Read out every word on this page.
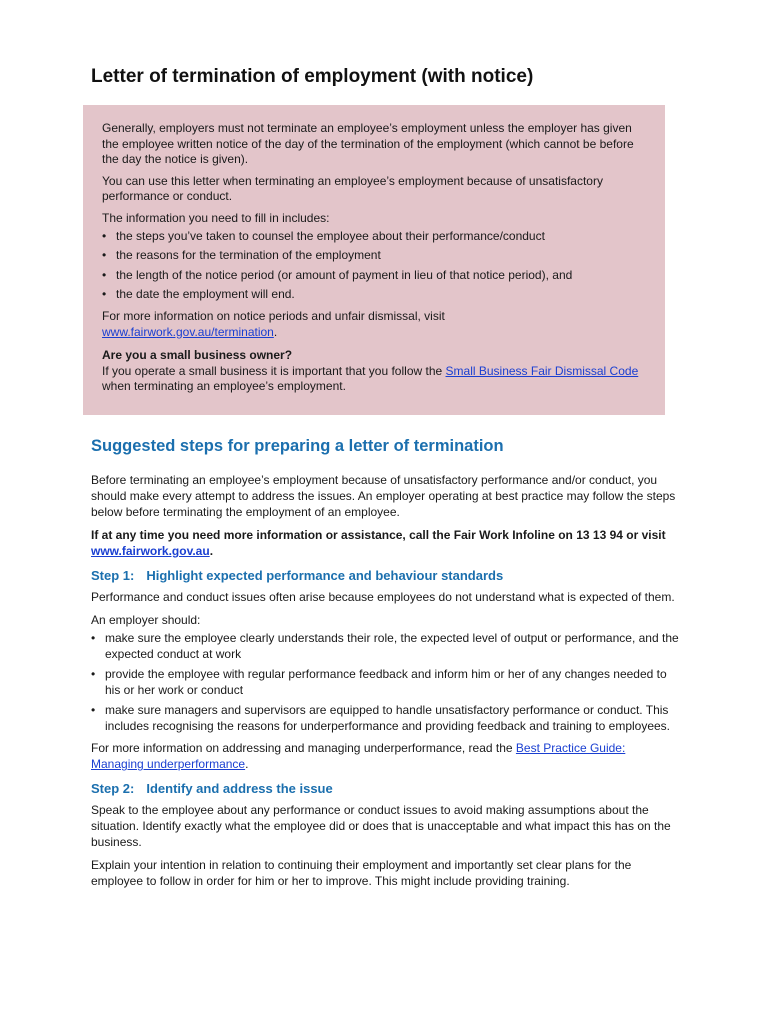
Letter of termination of employment (with notice)

Generally, employers must not terminate an employee’s employment unless the employer has given the employee written notice of the day of the termination of the employment (which cannot be before the day the notice is given).

You can use this letter when terminating an employee’s employment because of unsatisfactory performance or conduct.

The information you need to fill in includes:

• the steps you’ve taken to counsel the employee about their performance/conduct
• the reasons for the termination of the employment
• the length of the notice period (or amount of payment in lieu of that notice period), and
• the date the employment will end.

For more information on notice periods and unfair dismissal, visit
www.fairwork.gov.au/termination.

Are you a small business owner?
If you operate a small business it is important that you follow the Small Business Fair Dismissal Code when terminating an employee’s employment.

Suggested steps for preparing a letter of termination

Before terminating an employee’s employment because of unsatisfactory performance and/or conduct, you should make every attempt to address the issues. An employer operating at best practice may follow the steps below before terminating the employment of an employee.

If at any time you need more information or assistance, call the Fair Work Infoline on 13 13 94 or visit www.fairwork.gov.au.

Step 1: Highlight expected performance and behaviour standards

Performance and conduct issues often arise because employees do not understand what is expected of them.

An employer should:

• make sure the employee clearly understands their role, the expected level of output or performance, and the expected conduct at work
• provide the employee with regular performance feedback and inform him or her of any changes needed to his or her work or conduct
• make sure managers and supervisors are equipped to handle unsatisfactory performance or conduct. This includes recognising the reasons for underperformance and providing feedback and training to employees.

For more information on addressing and managing underperformance, read the Best Practice Guide: Managing underperformance.

Step 2: Identify and address the issue

Speak to the employee about any performance or conduct issues to avoid making assumptions about the situation. Identify exactly what the employee did or does that is unacceptable and what impact this has on the business.

Explain your intention in relation to continuing their employment and importantly set clear plans for the employee to follow in order for him or her to improve. This might include providing training.
